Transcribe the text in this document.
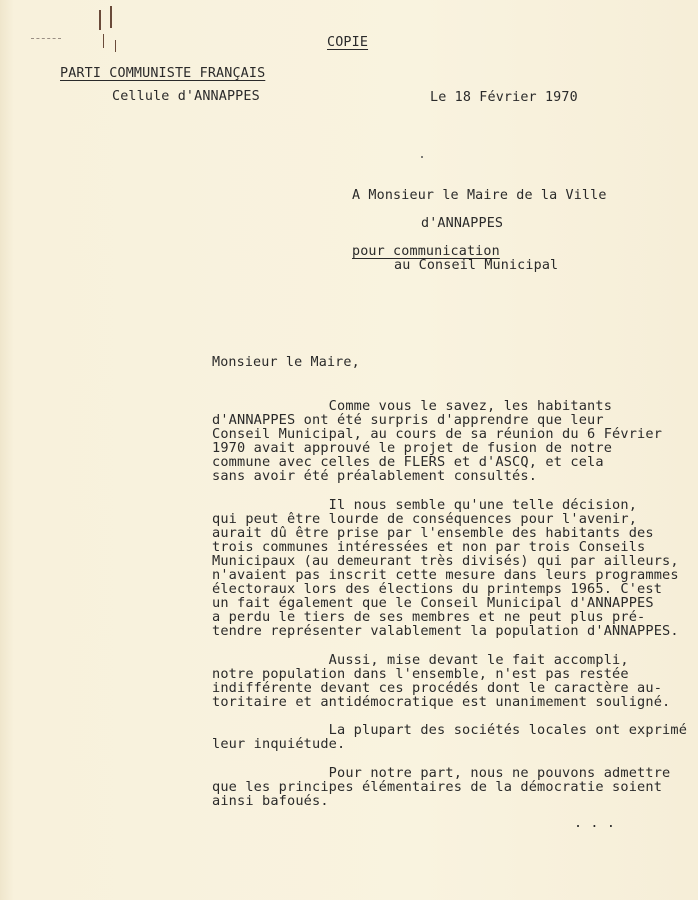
COPIE
PARTI COMMUNISTE FRANÇAIS
Cellule d'ANNAPPES	Le 18 Février 1970
A Monsieur le Maire de la Ville
d'ANNAPPES
pour communication
au Conseil Municipal
Monsieur le Maire,
Comme vous le savez, les habitants
d'ANNAPPES ont été surpris d'apprendre que leur
Conseil Municipal, au cours de sa réunion du 6 Février
1970 avait approuvé le projet de fusion de notre
commune avec celles de FLERS et d'ASCQ, et cela
sans avoir été préalablement consultés.
Il nous semble qu'une telle décision,
qui peut être lourde de conséquences pour l'avenir,
aurait dû être prise par l'ensemble des habitants des
trois communes intéressées et non par trois Conseils
Municipaux (au demeurant très divisés) qui par ailleurs,
n'avaient pas inscrit cette mesure dans leurs programmes
électoraux lors des élections du printemps 1965. C'est
un fait également que le Conseil Municipal d'ANNAPPES
a perdu le tiers de ses membres et ne peut plus pré-
tendre représenter valablement la population d'ANNAPPES.
Aussi, mise devant le fait accompli,
notre population dans l'ensemble, n'est pas restée
indifférente devant ces procédés dont le caractère au-
toritaire et antidémocratique est unanimement souligné.
La plupart des sociétés locales ont exprimé
leur inquiétude.
Pour notre part, nous ne pouvons admettre
que les principes élémentaires de la démocratie soient
ainsi bafoués.
. . .
